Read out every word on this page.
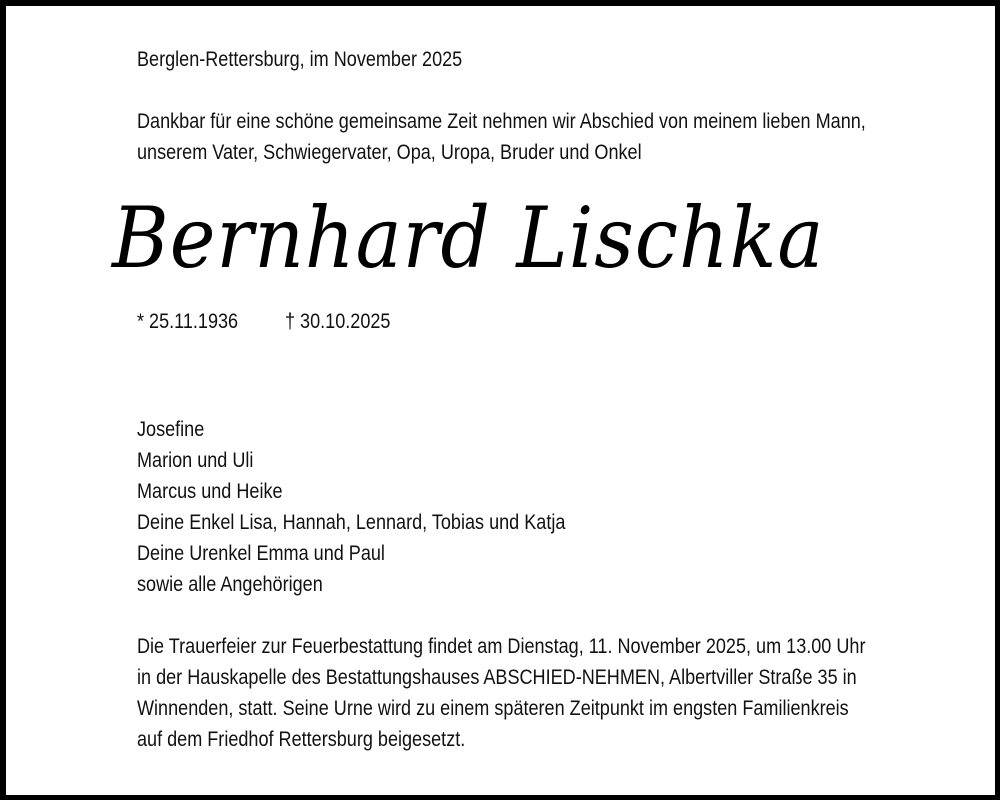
Berglen-Rettersburg, im November 2025
Dankbar für eine schöne gemeinsame Zeit nehmen wir Abschied von meinem lieben Mann,
unserem Vater, Schwiegervater, Opa, Uropa, Bruder und Onkel
Bernhard Lischka
* 25.11.1936 † 30.10.2025
Josefine
Marion und Uli
Marcus und Heike
Deine Enkel Lisa, Hannah, Lennard, Tobias und Katja
Deine Urenkel Emma und Paul
sowie alle Angehörigen
Die Trauerfeier zur Feuerbestattung findet am Dienstag, 11. November 2025, um 13.00 Uhr
in der Hauskapelle des Bestattungshauses ABSCHIED-NEHMEN, Albertviller Straße 35 in
Winnenden, statt. Seine Urne wird zu einem späteren Zeitpunkt im engsten Familienkreis
auf dem Friedhof Rettersburg beigesetzt.
